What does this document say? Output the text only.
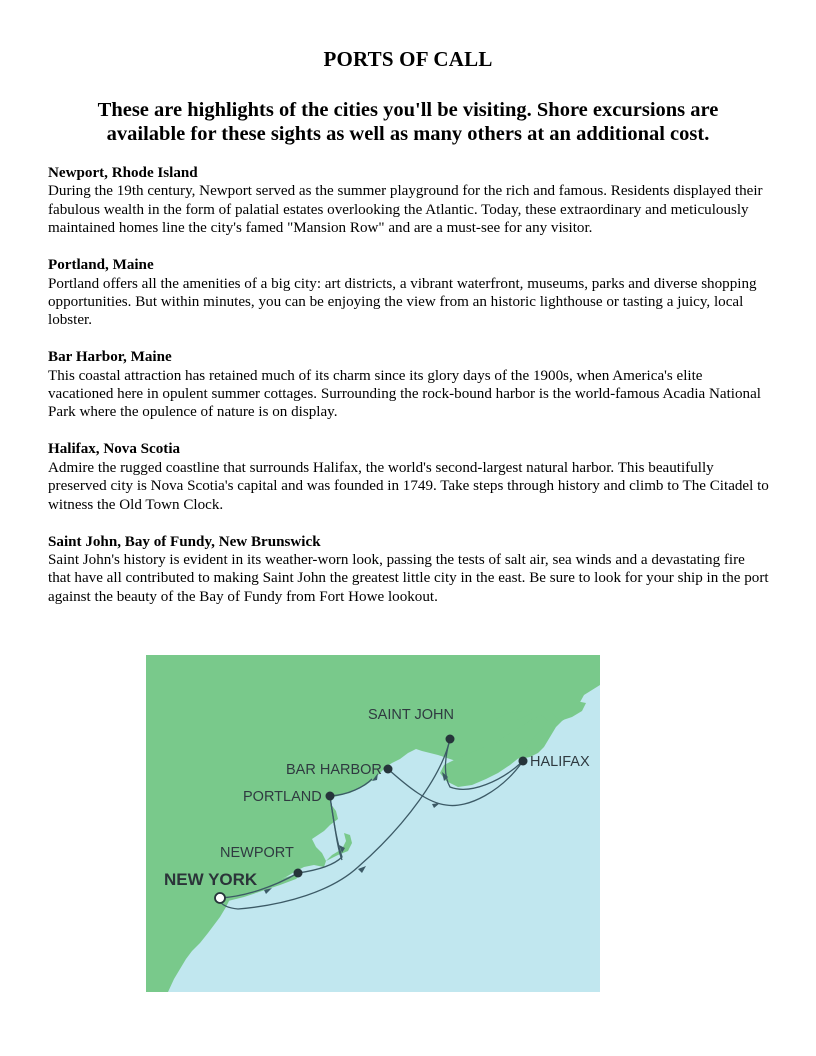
PORTS OF CALL
These are highlights of the cities you'll be visiting. Shore excursions are available for these sights as well as many others at an additional cost.
Newport, Rhode Island
During the 19th century, Newport served as the summer playground for the rich and famous. Residents displayed their fabulous wealth in the form of palatial estates overlooking the Atlantic. Today, these extraordinary and meticulously maintained homes line the city's famed "Mansion Row" and are a must-see for any visitor.
Portland, Maine
Portland offers all the amenities of a big city: art districts, a vibrant waterfront, museums, parks and diverse shopping opportunities. But within minutes, you can be enjoying the view from an historic lighthouse or tasting a juicy, local lobster.
Bar Harbor, Maine
This coastal attraction has retained much of its charm since its glory days of the 1900s, when America's elite vacationed here in opulent summer cottages. Surrounding the rock-bound harbor is the world-famous Acadia National Park where the opulence of nature is on display.
Halifax, Nova Scotia
Admire the rugged coastline that surrounds Halifax, the world's second-largest natural harbor. This beautifully preserved city is Nova Scotia's capital and was founded in 1749. Take steps through history and climb to The Citadel to witness the Old Town Clock.
Saint John, Bay of Fundy, New Brunswick
Saint John's history is evident in its weather-worn look, passing the tests of salt air, sea winds and a devastating fire that have all contributed to making Saint John the greatest little city in the east. Be sure to look for your ship in the port against the beauty of the Bay of Fundy from Fort Howe lookout.
SAINT JOHN
BAR HARBOR	HALIFAX
PORTLAND
NEWPORT
NEW YORK
